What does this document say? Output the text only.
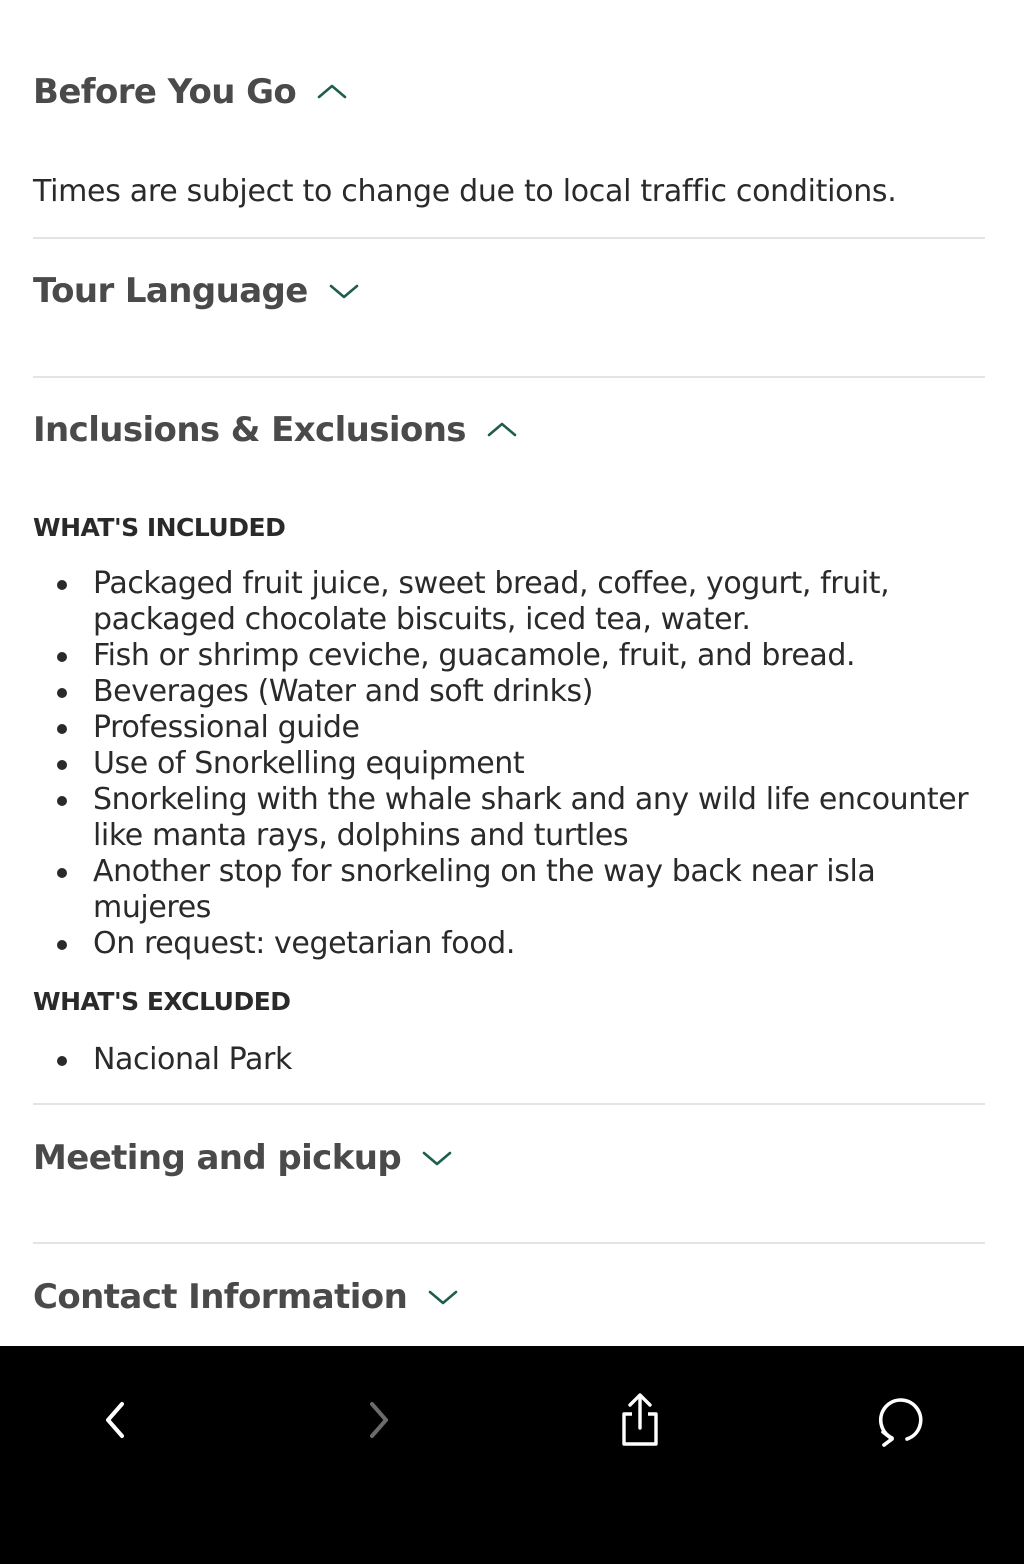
Before You Go
Times are subject to change due to local traffic conditions.
Tour Language
Inclusions & Exclusions
WHAT'S INCLUDED
Packaged fruit juice, sweet bread, coffee, yogurt, fruit, packaged chocolate biscuits, iced tea, water.
Fish or shrimp ceviche, guacamole, fruit, and bread.
Beverages (Water and soft drinks)
Professional guide
Use of Snorkelling equipment
Snorkeling with the whale shark and any wild life encounter like manta rays, dolphins and turtles
Another stop for snorkeling on the way back near isla mujeres
On request: vegetarian food.
WHAT'S EXCLUDED
Nacional Park
Meeting and pickup
Contact Information
